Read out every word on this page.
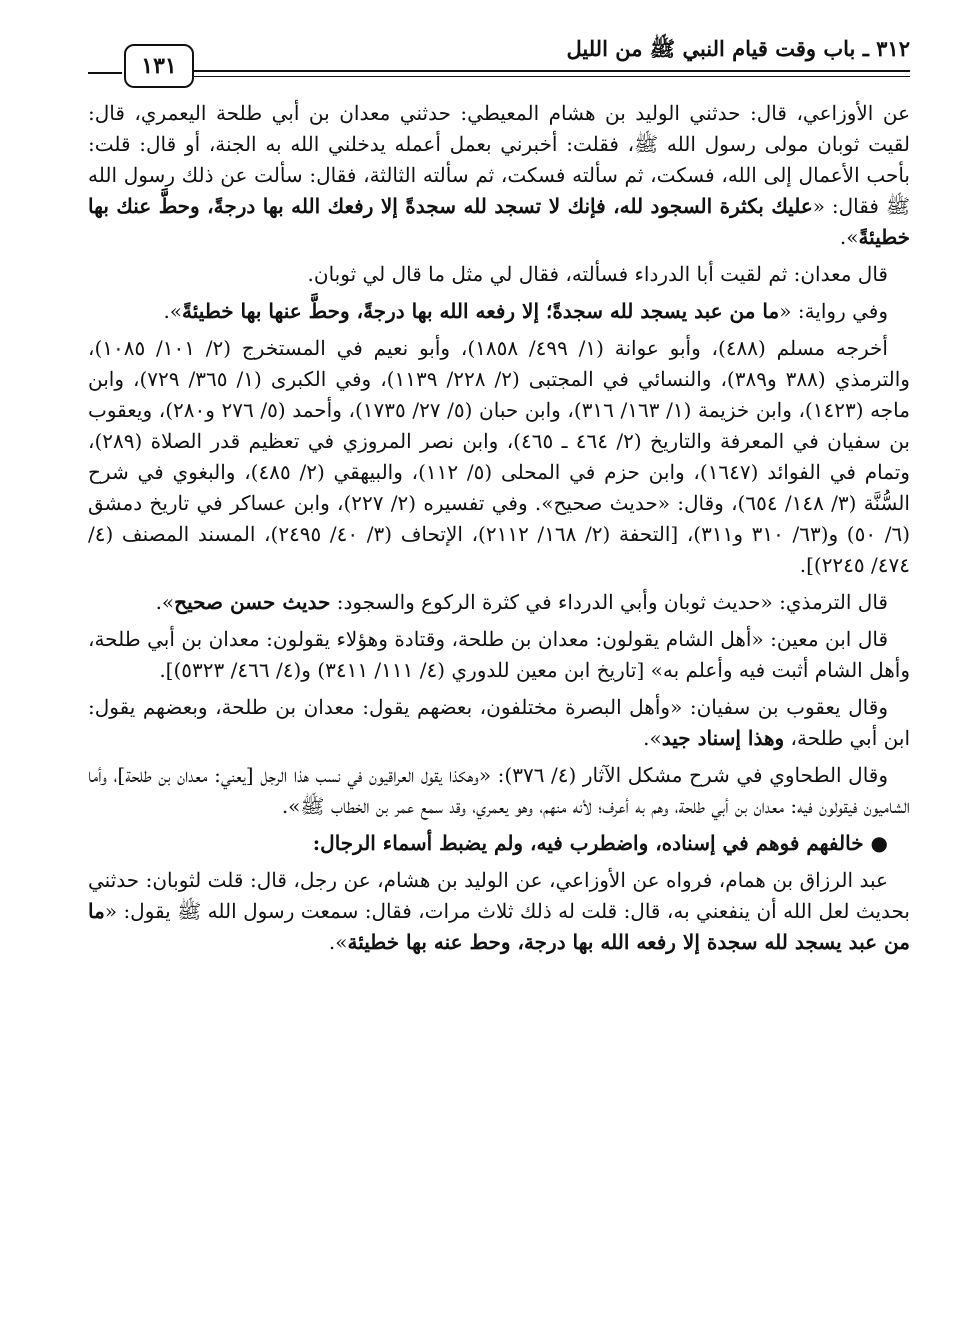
٣١٢ ـ باب وقت قيام النبي ﷺ من الليل
١٣١

عن الأوزاعي، قال: حدثني الوليد بن هشام المعيطي: حدثني معدان بن أبي طلحة اليعمري، قال: لقيت ثوبان مولى رسول الله ﷺ، فقلت: أخبرني بعمل أعمله يدخلني الله به الجنة، أو قال: قلت: بأحب الأعمال إلى الله، فسكت، ثم سألته فسكت، ثم سألته الثالثة، فقال: سألت عن ذلك رسول الله ﷺ فقال: «عليك بكثرة السجود لله، فإنك لا تسجد لله سجدةً إلا رفعك الله بها درجةً، وحطَّ عنك بها خطيئةً».

قال معدان: ثم لقيت أبا الدرداء فسألته، فقال لي مثل ما قال لي ثوبان.

وفي رواية: «ما من عبد يسجد لله سجدةً؛ إلا رفعه الله بها درجةً، وحطَّ عنها بها خطيئةً».

أخرجه مسلم (٤٨٨)، وأبو عوانة (١/ ٤٩٩/ ١٨٥٨)، وأبو نعيم في المستخرج (٢/ ١٠١/ ١٠٨٥)، والترمذي (٣٨٨ و٣٨٩)، والنسائي في المجتبى (٢/ ٢٢٨/ ١١٣٩)، وفي الكبرى (١/ ٣٦٥/ ٧٢٩)، وابن ماجه (١٤٢٣)، وابن خزيمة (١/ ١٦٣/ ٣١٦)، وابن حبان (٥/ ٢٧/ ١٧٣٥)، وأحمد (٥/ ٢٧٦ و٢٨٠)، ويعقوب بن سفيان في المعرفة والتاريخ (٢/ ٤٦٤ ـ ٤٦٥)، وابن نصر المروزي في تعظيم قدر الصلاة (٢٨٩)، وتمام في الفوائد (١٦٤٧)، وابن حزم في المحلى (٥/ ١١٢)، والبيهقي (٢/ ٤٨٥)، والبغوي في شرح السُّنَّة (٣/ ١٤٨/ ٦٥٤)، وقال: «حديث صحيح». وفي تفسيره (٢/ ٢٢٧)، وابن عساكر في تاريخ دمشق (٦/ ٥٠) و(٦٣/ ٣١٠ و٣١١)، [التحفة (٢/ ١٦٨/ ٢١١٢)، الإتحاف (٣/ ٤٠/ ٢٤٩٥)، المسند المصنف (٤/ ٤٧٤/ ٢٢٤٥)].

قال الترمذي: «حديث ثوبان وأبي الدرداء في كثرة الركوع والسجود: حديث حسن صحيح».

قال ابن معين: «أهل الشام يقولون: معدان بن طلحة، وقتادة وهؤلاء يقولون: معدان بن أبي طلحة، وأهل الشام أثبت فيه وأعلم به» [تاريخ ابن معين للدوري (٤/ ١١١/ ٣٤١١) و(٤/ ٤٦٦/ ٥٣٢٣)].

وقال يعقوب بن سفيان: «وأهل البصرة مختلفون، بعضهم يقول: معدان بن طلحة، وبعضهم يقول: ابن أبي طلحة، وهذا إسناد جيد».

وقال الطحاوي في شرح مشكل الآثار (٤/ ٣٧٦): «وهكذا يقول العراقيون في نسب هذا الرجل [يعني: معدان بن طلحة]، وأما الشاميون فيقولون فيه: معدان بن أبي طلحة، وهم به أعرف؛ لأنه منهم، وهو يعمري، وقد سمع عمر بن الخطاب ﷺ».

● خالفهم فوهم في إسناده، واضطرب فيه، ولم يضبط أسماء الرجال:

عبد الرزاق بن همام، فرواه عن الأوزاعي، عن الوليد بن هشام، عن رجل، قال: قلت لثوبان: حدثني بحديث لعل الله أن ينفعني به، قال: قلت له ذلك ثلاث مرات، فقال: سمعت رسول الله ﷺ يقول: «ما من عبد يسجد لله سجدة إلا رفعه الله بها درجة، وحط عنه بها خطيئة».
